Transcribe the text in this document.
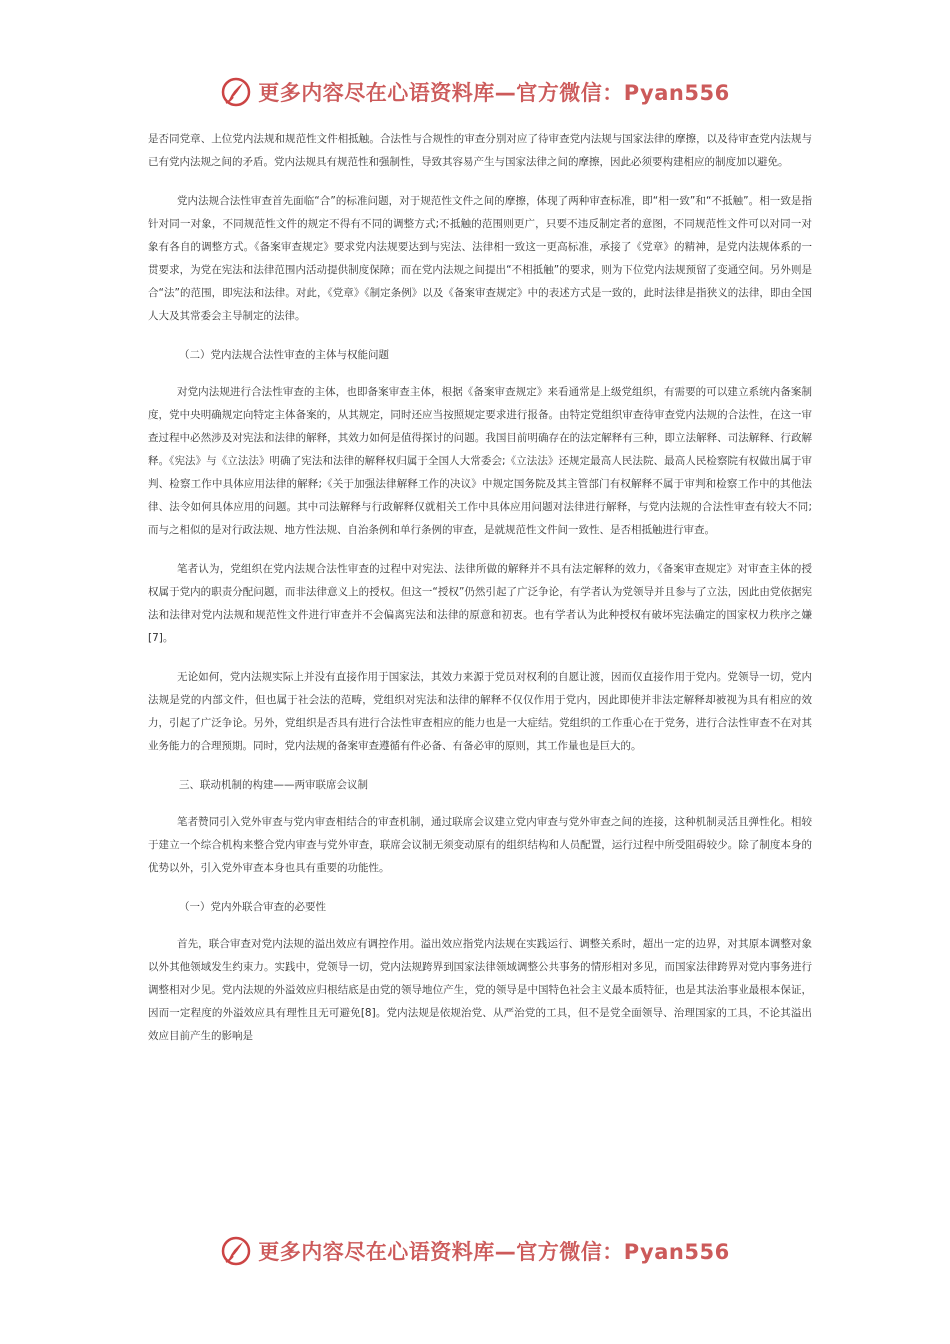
更多内容尽在心语资料库—官方微信：Pyan556

是否同党章、上位党内法规和规范性文件相抵触。合法性与合规性的审查分别对应了待审查党内法规与国家法律的摩擦，以及待审查党内法规与已有党内法规之间的矛盾。党内法规具有规范性和强制性，导致其容易产生与国家法律之间的摩擦，因此必须要构建相应的制度加以避免。

党内法规合法性审查首先面临“合”的标准问题，对于规范性文件之间的摩擦，体现了两种审查标准，即“相一致”和“不抵触”。相一致是指针对同一对象，不同规范性文件的规定不得有不同的调整方式;不抵触的范围则更广，只要不违反制定者的意图，不同规范性文件可以对同一对象有各自的调整方式。《备案审查规定》要求党内法规要达到与宪法、法律相一致这一更高标准，承接了《党章》的精神，是党内法规体系的一贯要求，为党在宪法和法律范围内活动提供制度保障；而在党内法规之间提出“不相抵触”的要求，则为下位党内法规预留了变通空间。另外则是合“法”的范围，即宪法和法律。对此，《党章》《制定条例》以及《备案审查规定》中的表述方式是一致的，此时法律是指狭义的法律，即由全国人大及其常委会主导制定的法律。

（二）党内法规合法性审查的主体与权能问题

对党内法规进行合法性审查的主体，也即备案审查主体，根据《备案审查规定》来看通常是上级党组织，有需要的可以建立系统内备案制度，党中央明确规定向特定主体备案的，从其规定，同时还应当按照规定要求进行报备。由特定党组织审查待审查党内法规的合法性，在这一审查过程中必然涉及对宪法和法律的解释，其效力如何是值得探讨的问题。我国目前明确存在的法定解释有三种，即立法解释、司法解释、行政解释。《宪法》与《立法法》明确了宪法和法律的解释权归属于全国人大常委会;《立法法》还规定最高人民法院、最高人民检察院有权做出属于审判、检察工作中具体应用法律的解释;《关于加强法律解释工作的决议》中规定国务院及其主管部门有权解释不属于审判和检察工作中的其他法律、法令如何具体应用的问题。其中司法解释与行政解释仅就相关工作中具体应用问题对法律进行解释，与党内法规的合法性审查有较大不同;而与之相似的是对行政法规、地方性法规、自治条例和单行条例的审查，是就规范性文件间一致性、是否相抵触进行审查。

笔者认为，党组织在党内法规合法性审查的过程中对宪法、法律所做的解释并不具有法定解释的效力，《备案审查规定》对审查主体的授权属于党内的职责分配问题，而非法律意义上的授权。但这一“授权”仍然引起了广泛争论，有学者认为党领导并且参与了立法，因此由党依据宪法和法律对党内法规和规范性文件进行审查并不会偏离宪法和法律的原意和初衷。也有学者认为此种授权有破坏宪法确定的国家权力秩序之嫌[7]。

无论如何，党内法规实际上并没有直接作用于国家法，其效力来源于党员对权利的自愿让渡，因而仅直接作用于党内。党领导一切，党内法规是党的内部文件，但也属于社会法的范畴，党组织对宪法和法律的解释不仅仅作用于党内，因此即使并非法定解释却被视为具有相应的效力，引起了广泛争论。另外，党组织是否具有进行合法性审查相应的能力也是一大症结。党组织的工作重心在于党务，进行合法性审查不在对其业务能力的合理预期。同时，党内法规的备案审查遵循有件必备、有备必审的原则，其工作量也是巨大的。

三、联动机制的构建——两审联席会议制

笔者赞同引入党外审查与党内审查相结合的审查机制，通过联席会议建立党内审查与党外审查之间的连接，这种机制灵活且弹性化。相较于建立一个综合机构来整合党内审查与党外审查，联席会议制无须变动原有的组织结构和人员配置，运行过程中所受阻碍较少。除了制度本身的优势以外，引入党外审查本身也具有重要的功能性。

（一）党内外联合审查的必要性

首先，联合审查对党内法规的溢出效应有调控作用。溢出效应指党内法规在实践运行、调整关系时，超出一定的边界，对其原本调整对象以外其他领域发生约束力。实践中，党领导一切，党内法规跨界到国家法律领域调整公共事务的情形相对多见，而国家法律跨界对党内事务进行调整相对少见。党内法规的外溢效应归根结底是由党的领导地位产生，党的领导是中国特色社会主义最本质特征，也是其法治事业最根本保证，因而一定程度的外溢效应具有理性且无可避免[8]。党内法规是依规治党、从严治党的工具，但不是党全面领导、治理国家的工具，不论其溢出效应目前产生的影响是

更多内容尽在心语资料库—官方微信：Pyan556
